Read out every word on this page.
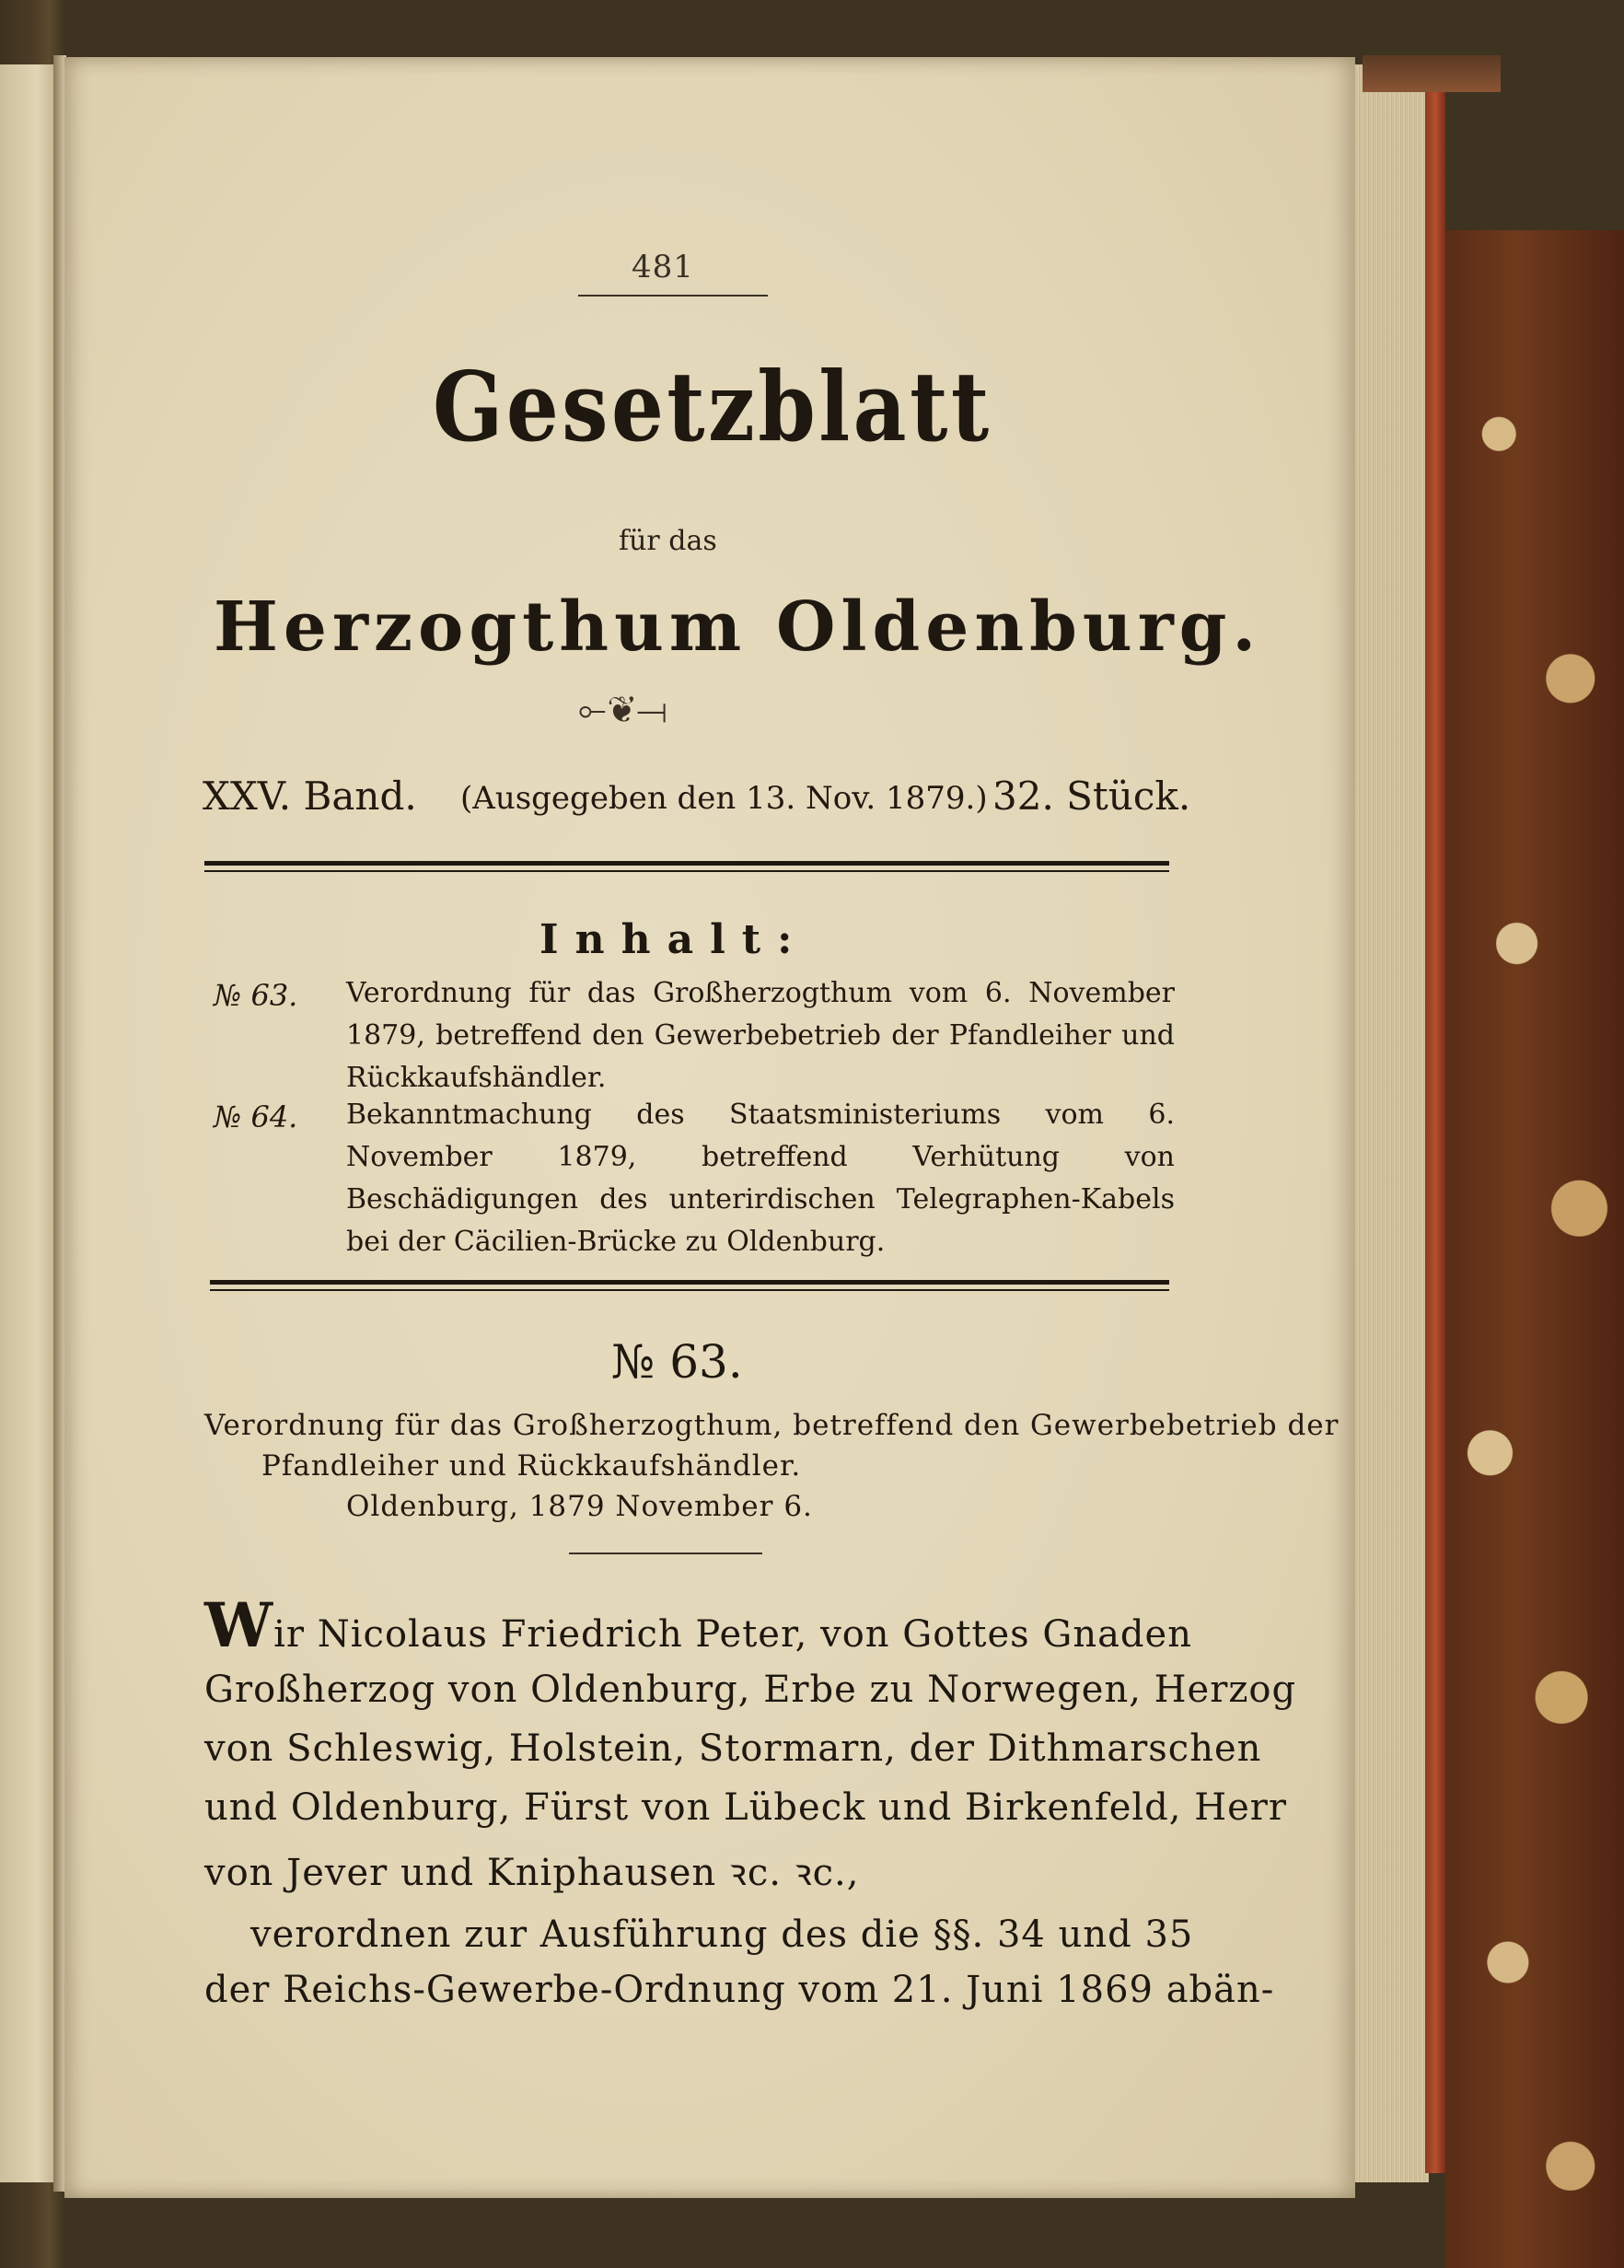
481
Gesetzblatt
für das
Herzogthum Oldenburg.
⟜❦⟞
XXV. Band. (Ausgegeben den 13. Nov. 1879.) 32. Stück.
Inhalt:
№ 63. Verordnung für das Großherzogthum vom 6. November 1879, betreffend den Gewerbebetrieb der Pfandleiher und Rückkaufshändler.
№ 64. Bekanntmachung des Staatsministeriums vom 6. November 1879, betreffend Verhütung von Beschädigungen des unterirdischen Telegraphen-Kabels bei der Cäcilien-Brücke zu Oldenburg.
№ 63.
Verordnung für das Großherzogthum, betreffend den Gewerbebetrieb der
Pfandleiher und Rückkaufshändler.
Oldenburg, 1879 November 6.
Wir Nicolaus Friedrich Peter, von Gottes Gnaden
Großherzog von Oldenburg, Erbe zu Norwegen, Herzog
von Schleswig, Holstein, Stormarn, der Dithmarschen
und Oldenburg, Fürst von Lübeck und Birkenfeld, Herr
von Jever und Kniphausen ꝛc. ꝛc.,
verordnen zur Ausführung des die §§. 34 und 35
der Reichs-Gewerbe-Ordnung vom 21. Juni 1869 abän-
